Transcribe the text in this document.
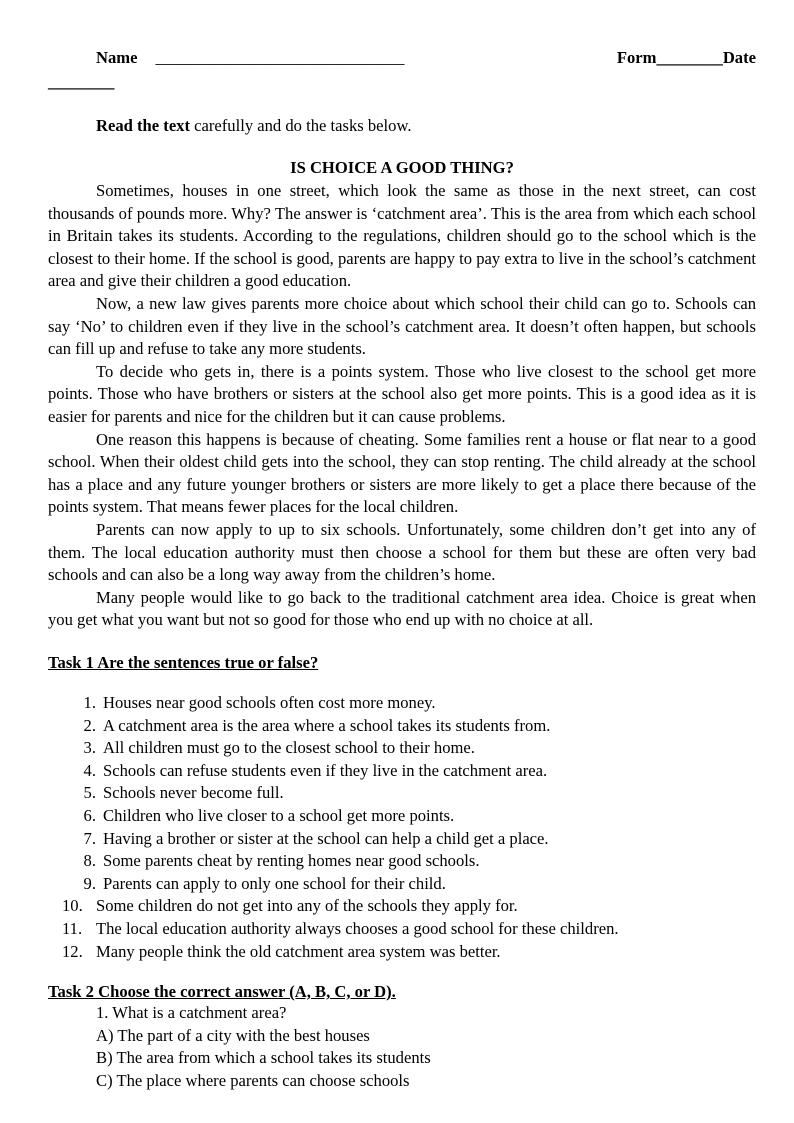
Name ______________________________	Form________Date
________
Read the text carefully and do the tasks below.
IS CHOICE A GOOD THING?

Sometimes, houses in one street, which look the same as those in the next street, can cost thousands of pounds more. Why? The answer is ‘catchment area’. This is the area from which each school in Britain takes its students. According to the regulations, children should go to the school which is the closest to their home. If the school is good, parents are happy to pay extra to live in the school’s catchment area and give their children a good education.

Now, a new law gives parents more choice about which school their child can go to. Schools can say ‘No’ to children even if they live in the school’s catchment area. It doesn’t often happen, but schools can fill up and refuse to take any more students.

To decide who gets in, there is a points system. Those who live closest to the school get more points. Those who have brothers or sisters at the school also get more points. This is a good idea as it is easier for parents and nice for the children but it can cause problems.

One reason this happens is because of cheating. Some families rent a house or flat near to a good school. When their oldest child gets into the school, they can stop renting. The child already at the school has a place and any future younger brothers or sisters are more likely to get a place there because of the points system. That means fewer places for the local children.

Parents can now apply to up to six schools. Unfortunately, some children don’t get into any of them. The local education authority must then choose a school for them but these are often very bad schools and can also be a long way away from the children’s home.

Many people would like to go back to the traditional catchment area idea. Choice is great when you get what you want but not so good for those who end up with no choice at all.

Task 1 Are the sentences true or false?
1. Houses near good schools often cost more money.
2. A catchment area is the area where a school takes its students from.
3. All children must go to the closest school to their home.
4. Schools can refuse students even if they live in the catchment area.
5. Schools never become full.
6. Children who live closer to a school get more points.
7. Having a brother or sister at the school can help a child get a place.
8. Some parents cheat by renting homes near good schools.
9. Parents can apply to only one school for their child.
10. Some children do not get into any of the schools they apply for.
11. The local education authority always chooses a good school for these children.
12. Many people think the old catchment area system was better.
Task 2 Choose the correct answer (A, B, C, or D).
1. What is a catchment area?
A) The part of a city with the best houses
B) The area from which a school takes its students
C) The place where parents can choose schools
